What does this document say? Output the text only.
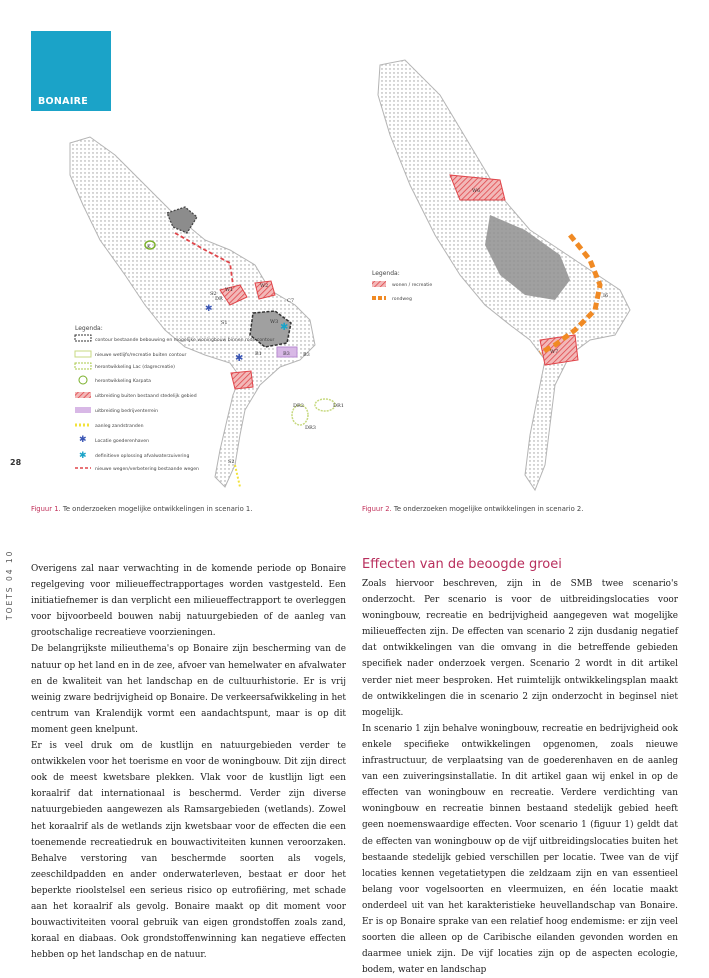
BONAIRE
28
TOETS 04 10
✱
✱
✱
Legenda:
✱
✱
contour bestaande bebouwing en mogelijke woningbouw binnen rode contour
nieuwe wetlijfs/recreatie buiten contour
herontwikkeling Lac (dagrecreatie)
herontwikkeling Karpata
uitbreiding buiten bestaand stedelijk gebied
uitbreiding bedrijventerrein
aanleg zandstranden
Locatie goederenhaven
definitieve oplossing afvalwaterzuivering
nieuwe wegen/verbetering bestaande wegen
K
W1
W2
C7
W3
B1	B3	B3
S1
S2
DR1
DR2
DR3
DR
S2
Figuur 1. Te onderzoeken mogelijke ontwikkelingen in scenario 1.
Legenda:
wonen / recreatie
rondweg
W6
W7
I6
Figuur 2. Te onderzoeken mogelijke ontwikkelingen in scenario 2.

Overigens zal naar verwachting in de komende periode op Bonaire regelgeving voor milieueffectrapportages worden vastgesteld. Een initiatiefnemer is dan verplicht een milieueffectrapport te overleggen voor bijvoorbeeld bouwen nabij natuurgebieden of de aanleg van grootschalige recreatieve voorzieningen.

De belangrijkste milieuthema's op Bonaire zijn bescherming van de natuur op het land en in de zee, afvoer van hemelwater en afvalwater en de kwaliteit van het landschap en de cultuurhistorie. Er is vrij weinig zware bedrijvigheid op Bonaire. De verkeersafwikkeling in het centrum van Kralendijk vormt een aandachtspunt, maar is op dit moment geen knelpunt.

Er is veel druk om de kustlijn en natuurgebieden verder te ontwikkelen voor het toerisme en voor de woningbouw. Dit zijn direct ook de meest kwetsbare plekken. Vlak voor de kustlijn ligt een koraalrif dat internationaal is beschermd. Verder zijn diverse natuurgebieden aangewezen als Ramsargebieden (wetlands). Zowel het koraalrif als de wetlands zijn kwetsbaar voor de effecten die een toenemende recreatiedruk en bouwactiviteiten kunnen veroorzaken. Behalve verstoring van beschermde soorten als vogels, zeeschildpadden en ander onderwaterleven, bestaat er door het beperkte rioolstelsel een serieus risico op eutrofiëring, met schade aan het koraalrif als gevolg. Bonaire maakt op dit moment voor bouwactiviteiten vooral gebruik van eigen grondstoffen zoals zand, koraal en diabaas. Ook grondstoffenwinning kan negatieve effecten hebben op het landschap en de natuur.

Effecten van de beoogde groei

Zoals hiervoor beschreven, zijn in de SMB twee scenario's onderzocht. Per scenario is voor de uitbreidingslocaties voor woningbouw, recreatie en bedrijvigheid aangegeven wat mogelijke milieueffecten zijn. De effecten van scenario 2 zijn dusdanig negatief dat ontwikkelingen van die omvang in die betreffende gebieden specifiek nader onderzoek vergen. Scenario 2 wordt in dit artikel verder niet meer besproken. Het ruimtelijk ontwikkelingsplan maakt de ontwikkelingen die in scenario 2 zijn onderzocht in beginsel niet mogelijk.

In scenario 1 zijn behalve woningbouw, recreatie en bedrijvigheid ook enkele specifieke ontwikkelingen opgenomen, zoals nieuwe infrastructuur, de verplaatsing van de goederenhaven en de aanleg van een zuiveringsinstallatie. In dit artikel gaan wij enkel in op de effecten van woningbouw en recreatie. Verdere verdichting van woningbouw en recreatie binnen bestaand stedelijk gebied heeft geen noemenswaardige effecten. Voor scenario 1 (figuur 1) geldt dat de effecten van woningbouw op de vijf uitbreidingslocaties buiten het bestaande stedelijk gebied verschillen per locatie. Twee van de vijf locaties kennen vegetatietypen die zeldzaam zijn en van essentieel belang voor vogelsoorten en vleermuizen, en één locatie maakt onderdeel uit van het karakteristieke heuvellandschap van Bonaire. Er is op Bonaire sprake van een relatief hoog endemisme: er zijn veel soorten die alleen op de Caribische eilanden gevonden worden en daarmee uniek zijn. De vijf locaties zijn op de aspecten ecologie, bodem, water en landschap
